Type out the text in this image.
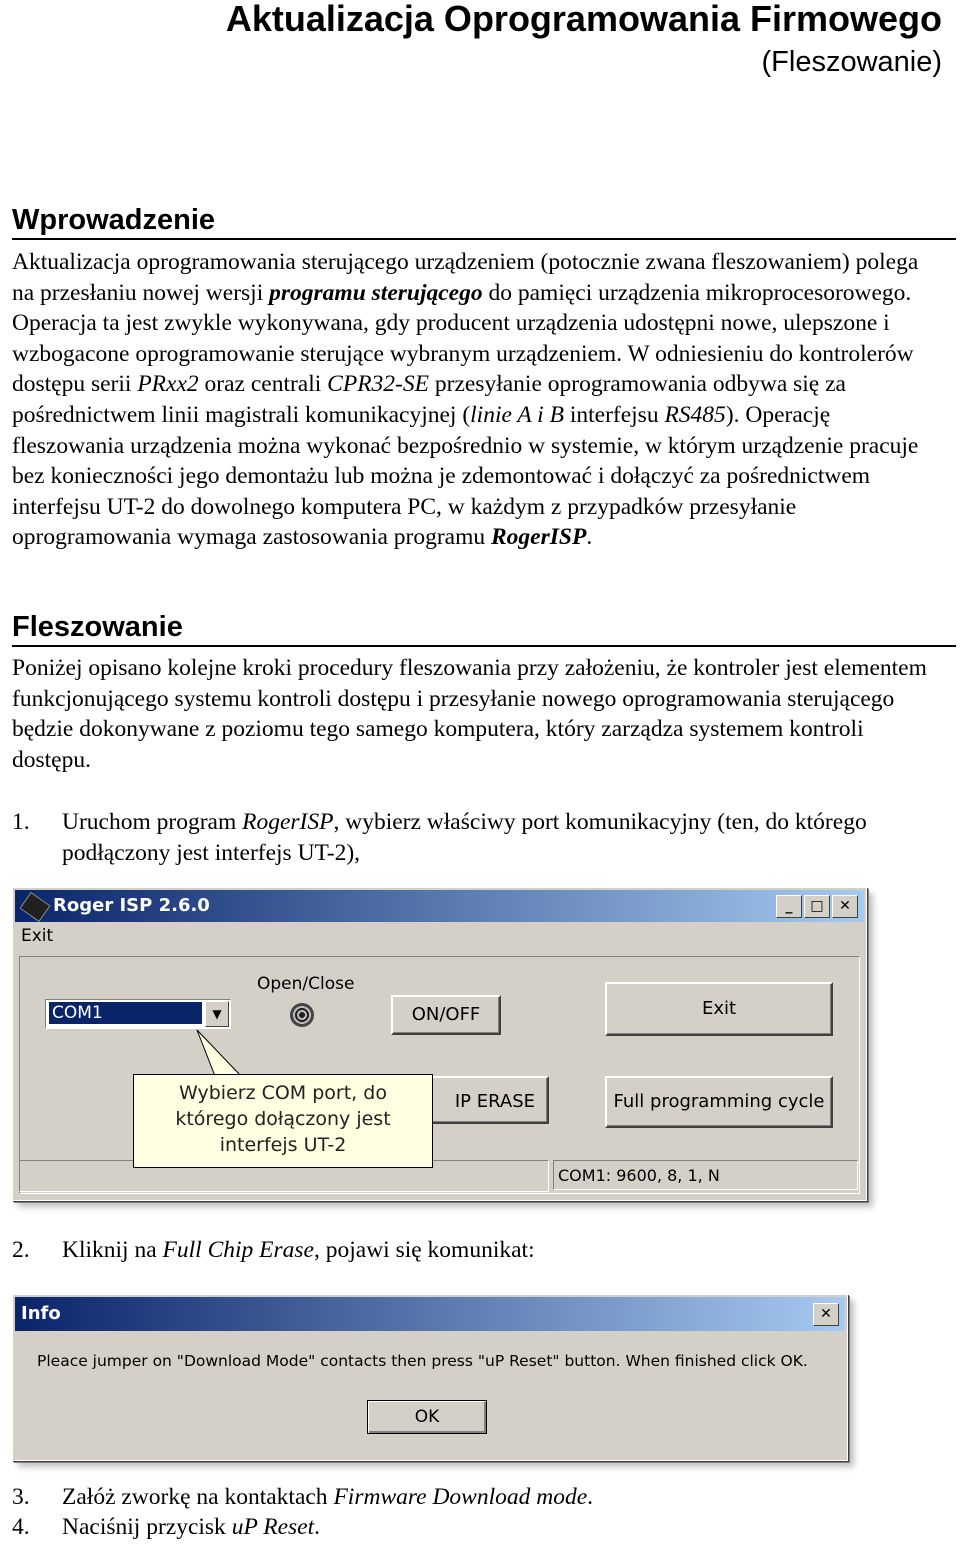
Aktualizacja Oprogramowania Firmowego
(Fleszowanie)
Wprowadzenie

Aktualizacja oprogramowania sterującego urządzeniem (potocznie zwana fleszowaniem) polega na przesłaniu nowej wersji programu sterującego do pamięci urządzenia mikroprocesorowego. Operacja ta jest zwykle wykonywana, gdy producent urządzenia udostępni nowe, ulepszone i wzbogacone oprogramowanie sterujące wybranym urządzeniem. W odniesieniu do kontrolerów dostępu serii PRxx2 oraz centrali CPR32-SE przesyłanie oprogramowania odbywa się za pośrednictwem linii magistrali komunikacyjnej (linie A i B interfejsu RS485). Operację fleszowania urządzenia można wykonać bezpośrednio w systemie, w którym urządzenie pracuje bez konieczności jego demontażu lub można je zdemontować i dołączyć za pośrednictwem interfejsu UT-2 do dowolnego komputera PC, w każdym z przypadków przesyłanie oprogramowania wymaga zastosowania programu RogerISP.

Fleszowanie

Poniżej opisano kolejne kroki procedury fleszowania przy założeniu, że kontroler jest elementem funkcjonującego systemu kontroli dostępu i przesyłanie nowego oprogramowania sterującego będzie dokonywane z poziomu tego samego komputera, który zarządza systemem kontroli dostępu.

1. Uruchom program RogerISP, wybierz właściwy port komunikacyjny (ten, do którego podłączony jest interfejs UT-2),
Roger ISP 2.6.0	_	□	✕
Exit
Open/Close
COM1	▼	ON/OFF	Exit
IP ERASE	Full programming cycle
COM1: 9600, 8, 1, N
Wybierz COM port, do
którego dołączony jest
interfejs UT-2
2. Kliknij na Full Chip Erase, pojawi się komunikat:
Info	✕
Pleace jumper on "Download Mode" contacts then press "uP Reset" button. When finished click OK.
OK
3. Załóż zworkę na kontaktach Firmware Download mode.
4. Naciśnij przycisk uP Reset.
